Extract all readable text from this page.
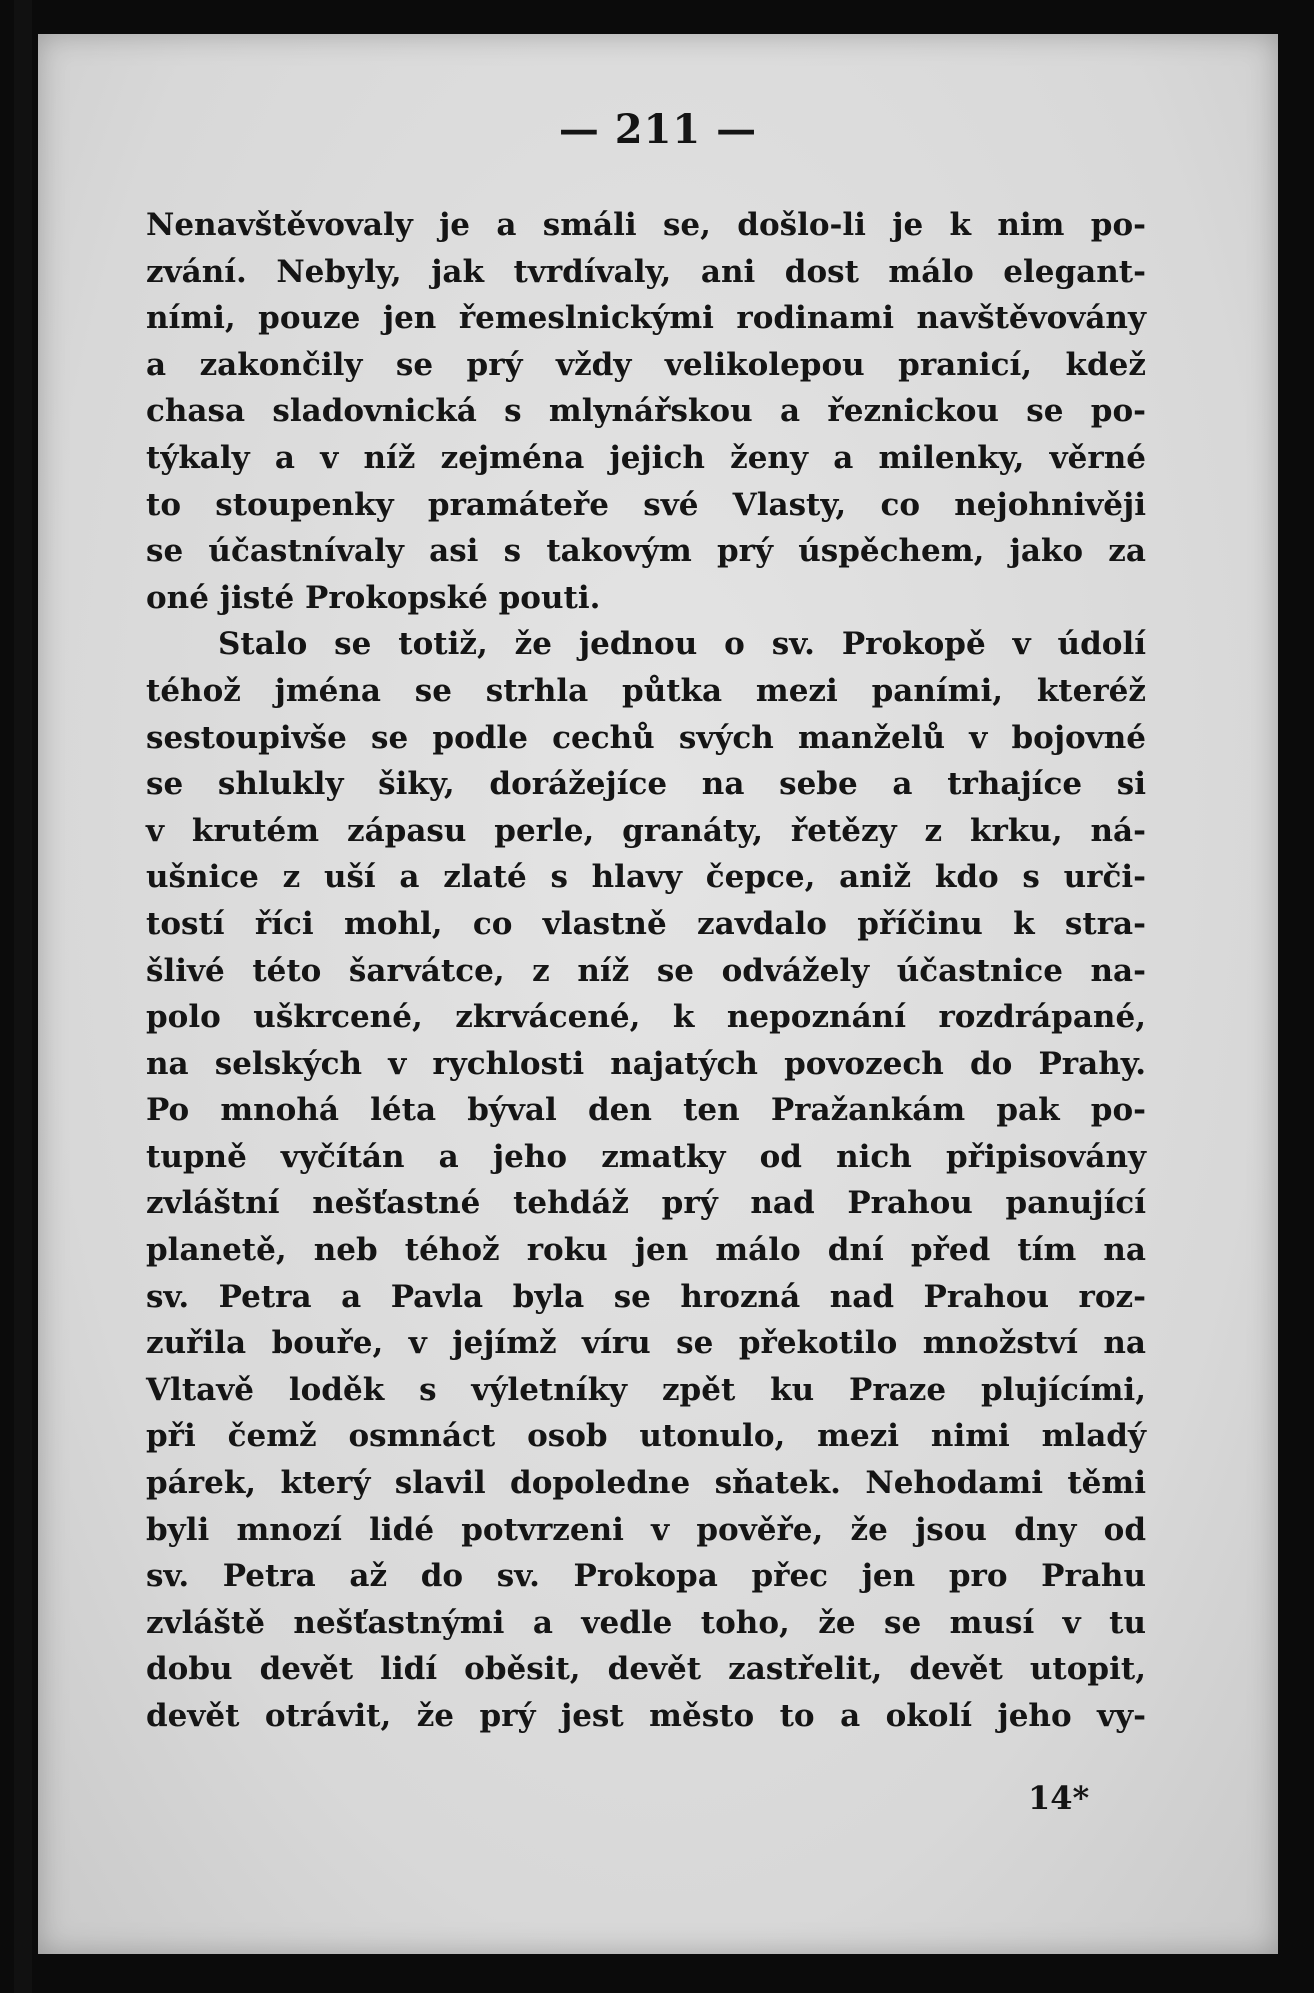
— 211 —
Nenavštěvovaly je a smáli se, došlo-li je k nim po-
zvání. Nebyly, jak tvrdívaly, ani dost málo elegant-
ními, pouze jen řemeslnickými rodinami navštěvovány
a zakončily se prý vždy velikolepou pranicí, kdež
chasa sladovnická s mlynářskou a řeznickou se po-
týkaly a v níž zejména jejich ženy a milenky, věrné
to stoupenky pramáteře své Vlasty, co nejohnivěji
se účastnívaly asi s takovým prý úspěchem, jako za
oné jisté Prokopské pouti.
Stalo se totiž, že jednou o sv. Prokopě v údolí
téhož jména se strhla půtka mezi paními, kteréž
sestoupivše se podle cechů svých manželů v bojovné
se shlukly šiky, dorážejíce na sebe a trhajíce si
v krutém zápasu perle, granáty, řetězy z krku, ná-
ušnice z uší a zlaté s hlavy čepce, aniž kdo s urči-
tostí říci mohl, co vlastně zavdalo příčinu k stra-
šlivé této šarvátce, z níž se odvážely účastnice na-
polo uškrcené, zkrvácené, k nepoznání rozdrápané,
na selských v rychlosti najatých povozech do Prahy.
Po mnohá léta býval den ten Pražankám pak po-
tupně vyčítán a jeho zmatky od nich připisovány
zvláštní nešťastné tehdáž prý nad Prahou panující
planetě, neb téhož roku jen málo dní před tím na
sv. Petra a Pavla byla se hrozná nad Prahou roz-
zuřila bouře, v jejímž víru se překotilo množství na
Vltavě loděk s výletníky zpět ku Praze plujícími,
při čemž osmnáct osob utonulo, mezi nimi mladý
párek, který slavil dopoledne sňatek. Nehodami těmi
byli mnozí lidé potvrzeni v pověře, že jsou dny od
sv. Petra až do sv. Prokopa přec jen pro Prahu
zvláště nešťastnými a vedle toho, že se musí v tu
dobu devět lidí oběsit, devět zastřelit, devět utopit,
devět otrávit, že prý jest město to a okolí jeho vy-
14*
